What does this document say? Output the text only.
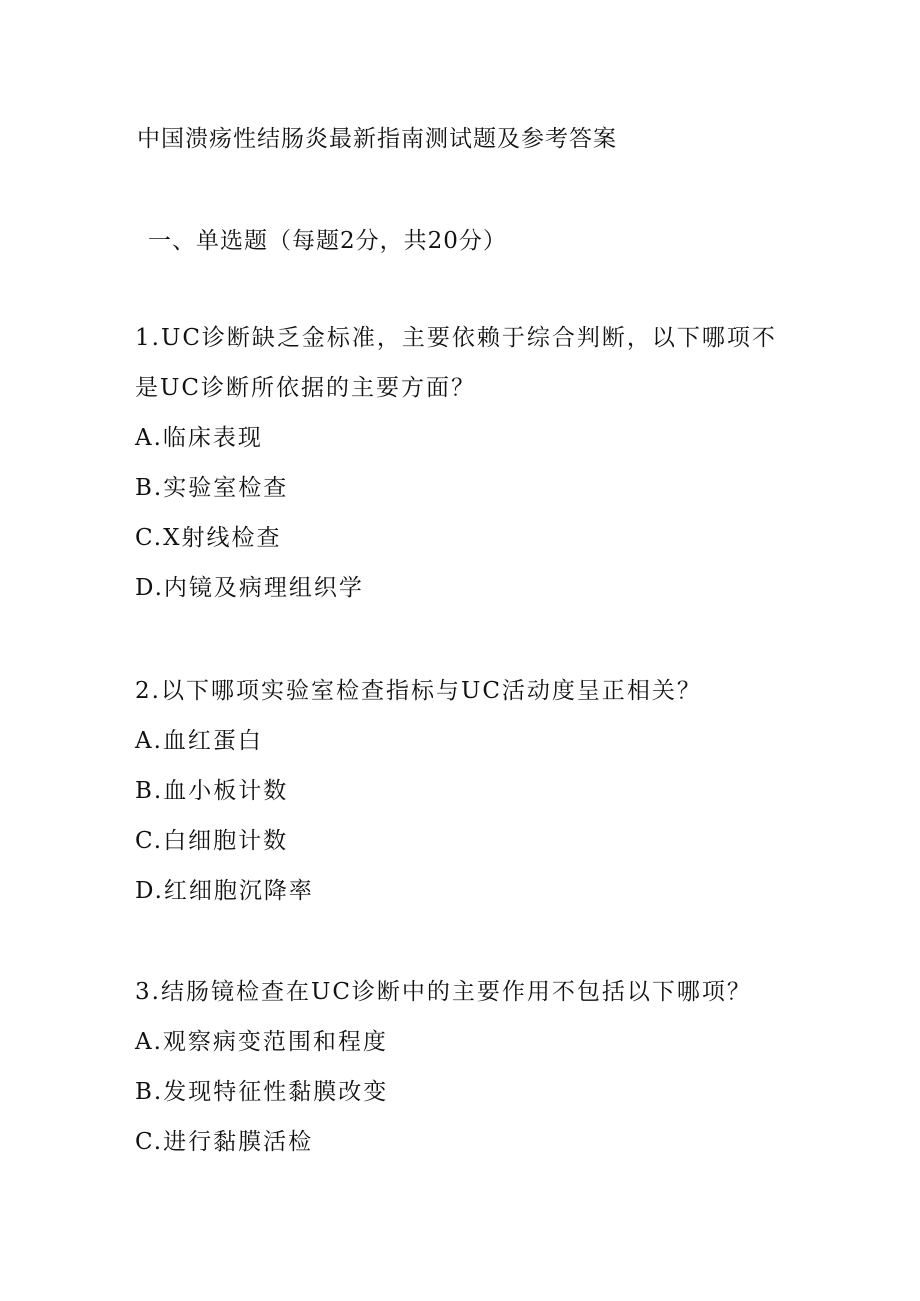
中国溃疡性结肠炎最新指南测试题及参考答案
一、单选题（每题2分，共20分）

1.UC诊断缺乏金标准，主要依赖于综合判断，以下哪项不是UC诊断所依据的主要方面？

A.临床表现
B.实验室检查
C.X射线检查
D.内镜及病理组织学

2.以下哪项实验室检查指标与UC活动度呈正相关？

A.血红蛋白
B.血小板计数
C.白细胞计数
D.红细胞沉降率

3.结肠镜检查在UC诊断中的主要作用不包括以下哪项？

A.观察病变范围和程度
B.发现特征性黏膜改变
C.进行黏膜活检
